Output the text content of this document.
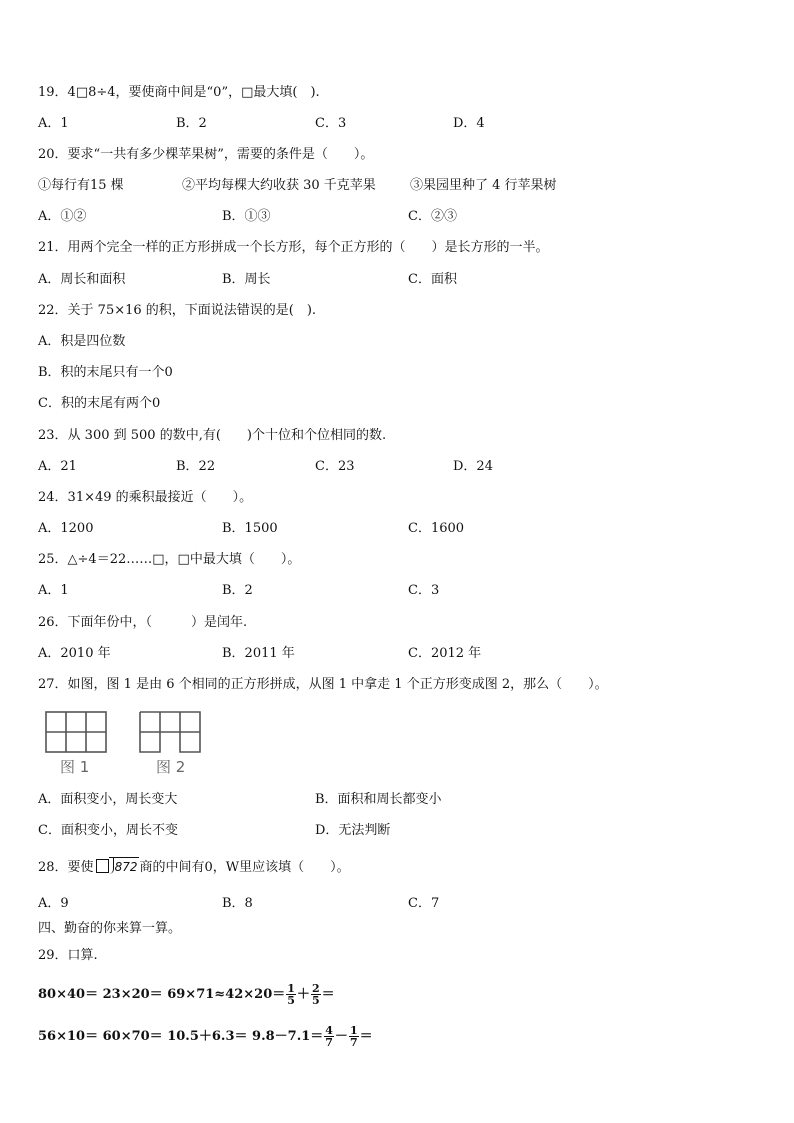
19．4□8÷4，要使商中间是“0”，□最大填(　).
A．1	B．2	C．3	D．4
20．要求“一共有多少棵苹果树”，需要的条件是（　　）。
①每行有15 棵	②平均每棵大约收获 30 千克苹果	③果园里种了 4 行苹果树
A．①②	B．①③	C．②③
21．用两个完全一样的正方形拼成一个长方形，每个正方形的（　　）是长方形的一半。
A．周长和面积	B．周长	C．面积
22．关于 75×16 的积，下面说法错误的是(　).
A．积是四位数
B．积的末尾只有一个0
C．积的末尾有两个0
23．从 300 到 500 的数中,有(　　)个十位和个位相同的数.
A．21	B．22	C．23	D．24
24．31×49 的乘积最接近（　　）。
A．1200	B．1500	C．1600
25．△÷4＝22……□，□中最大填（　　）。
A．1	B．2	C．3
26．下面年份中，（　　　）是闰年.
A．2010 年	B．2011 年	C．2012 年
27．如图，图 1 是由 6 个相同的正方形拼成，从图 1 中拿走 1 个正方形变成图 2，那么（　　）。
图 1	图 2
A．面积变小，周长变大	B．面积和周长都变小
C．面积变小，周长不变	D．无法判断
28．要使 872 商的中间有0，W里应该填（　　）。
A．9	B．8	C．7
四、勤奋的你来算一算。
29．口算.
$80\times 40= 23\times 20= 69\times 71\approx 42\times 20= \frac{1}{5} + \frac{2}{5}$ ＝
$56\times 10= 60\times 70= 10.5+6.3= 9.8-7.1= \frac{4}{7} - \frac{1}{7}$ ＝
